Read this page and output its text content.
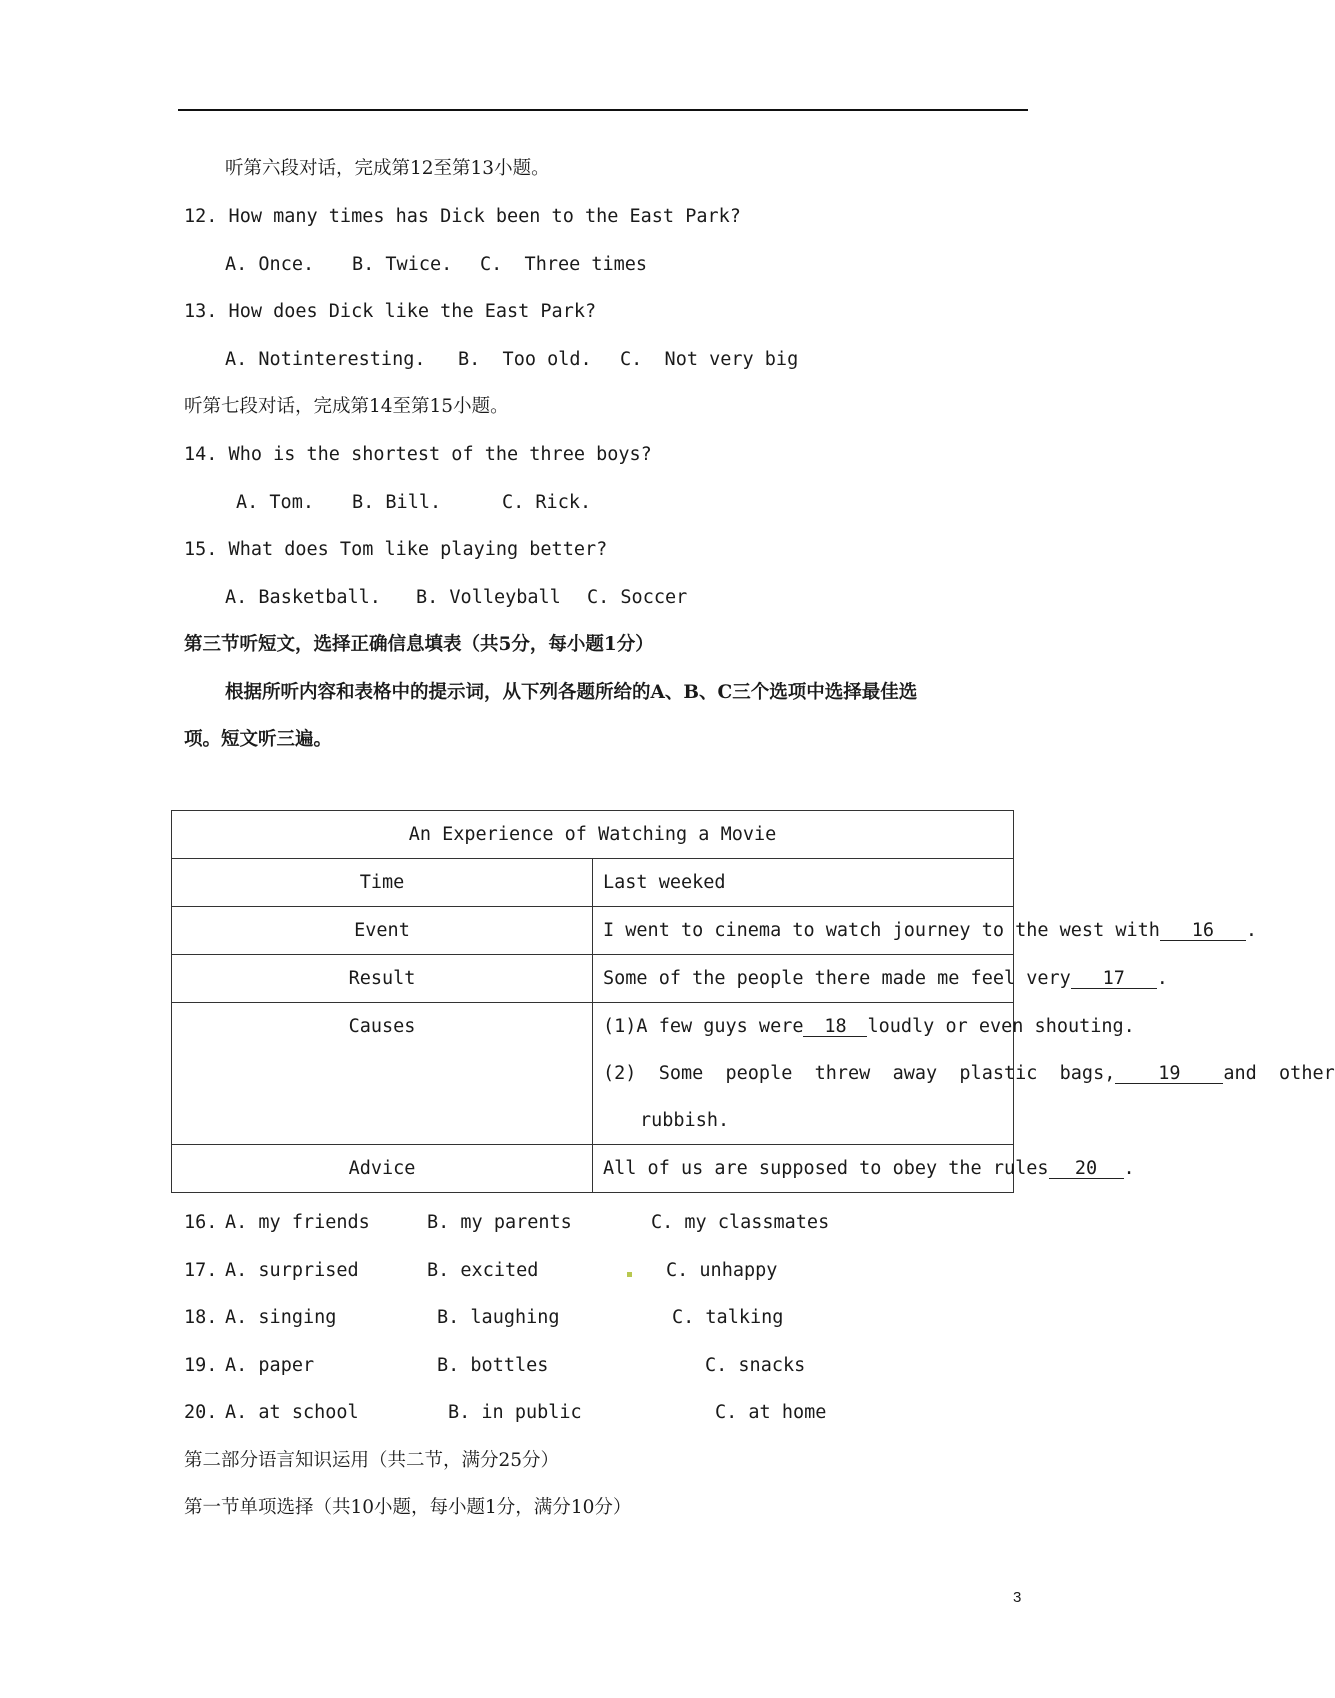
听第六段对话，完成第12至第13小题。
12. How many times has Dick been to the East Park?
A. Once. B. Twice. C.  Three times
13. How does Dick like the East Park?
A. Notinteresting. B.  Too old. C.  Not very big
听第七段对话，完成第14至第15小题。
14. Who is the shortest of the three boys?
A. Tom. B. Bill.	C. Rick.
15. What does Tom like playing better?
A. Basketball. B. Volleyball C. Soccer
第三节听短文，选择正确信息填表（共5分，每小题1分）
根据所听内容和表格中的提示词，从下列各题所给的A、B、C三个选项中选择最佳选
项。短文听三遍。
An Experience of Watching a Movie	
Time	Last weeked
Event	I went to cinema to watch journey to the west with 16 .
Result	Some of the people there made me feel very 17 .
Causes	(1)A few guys were 18 loudly or even shouting.
(2)  Some  people  threw  away  plastic  bags, 19 and  other
rubbish.

Advice	All of us are supposed to obey the rules 20 .
16. A. my friends	B. my parents	C. my classmates
17. A. surprised	B. excited	C. unhappy
18. A. singing	B. laughing	C. talking
19. A. paper	B. bottles	C. snacks
20. A. at school	B. in public	C. at home
第二部分语言知识运用（共二节，满分25分）
第一节单项选择（共10小题，每小题1分，满分10分）
3
